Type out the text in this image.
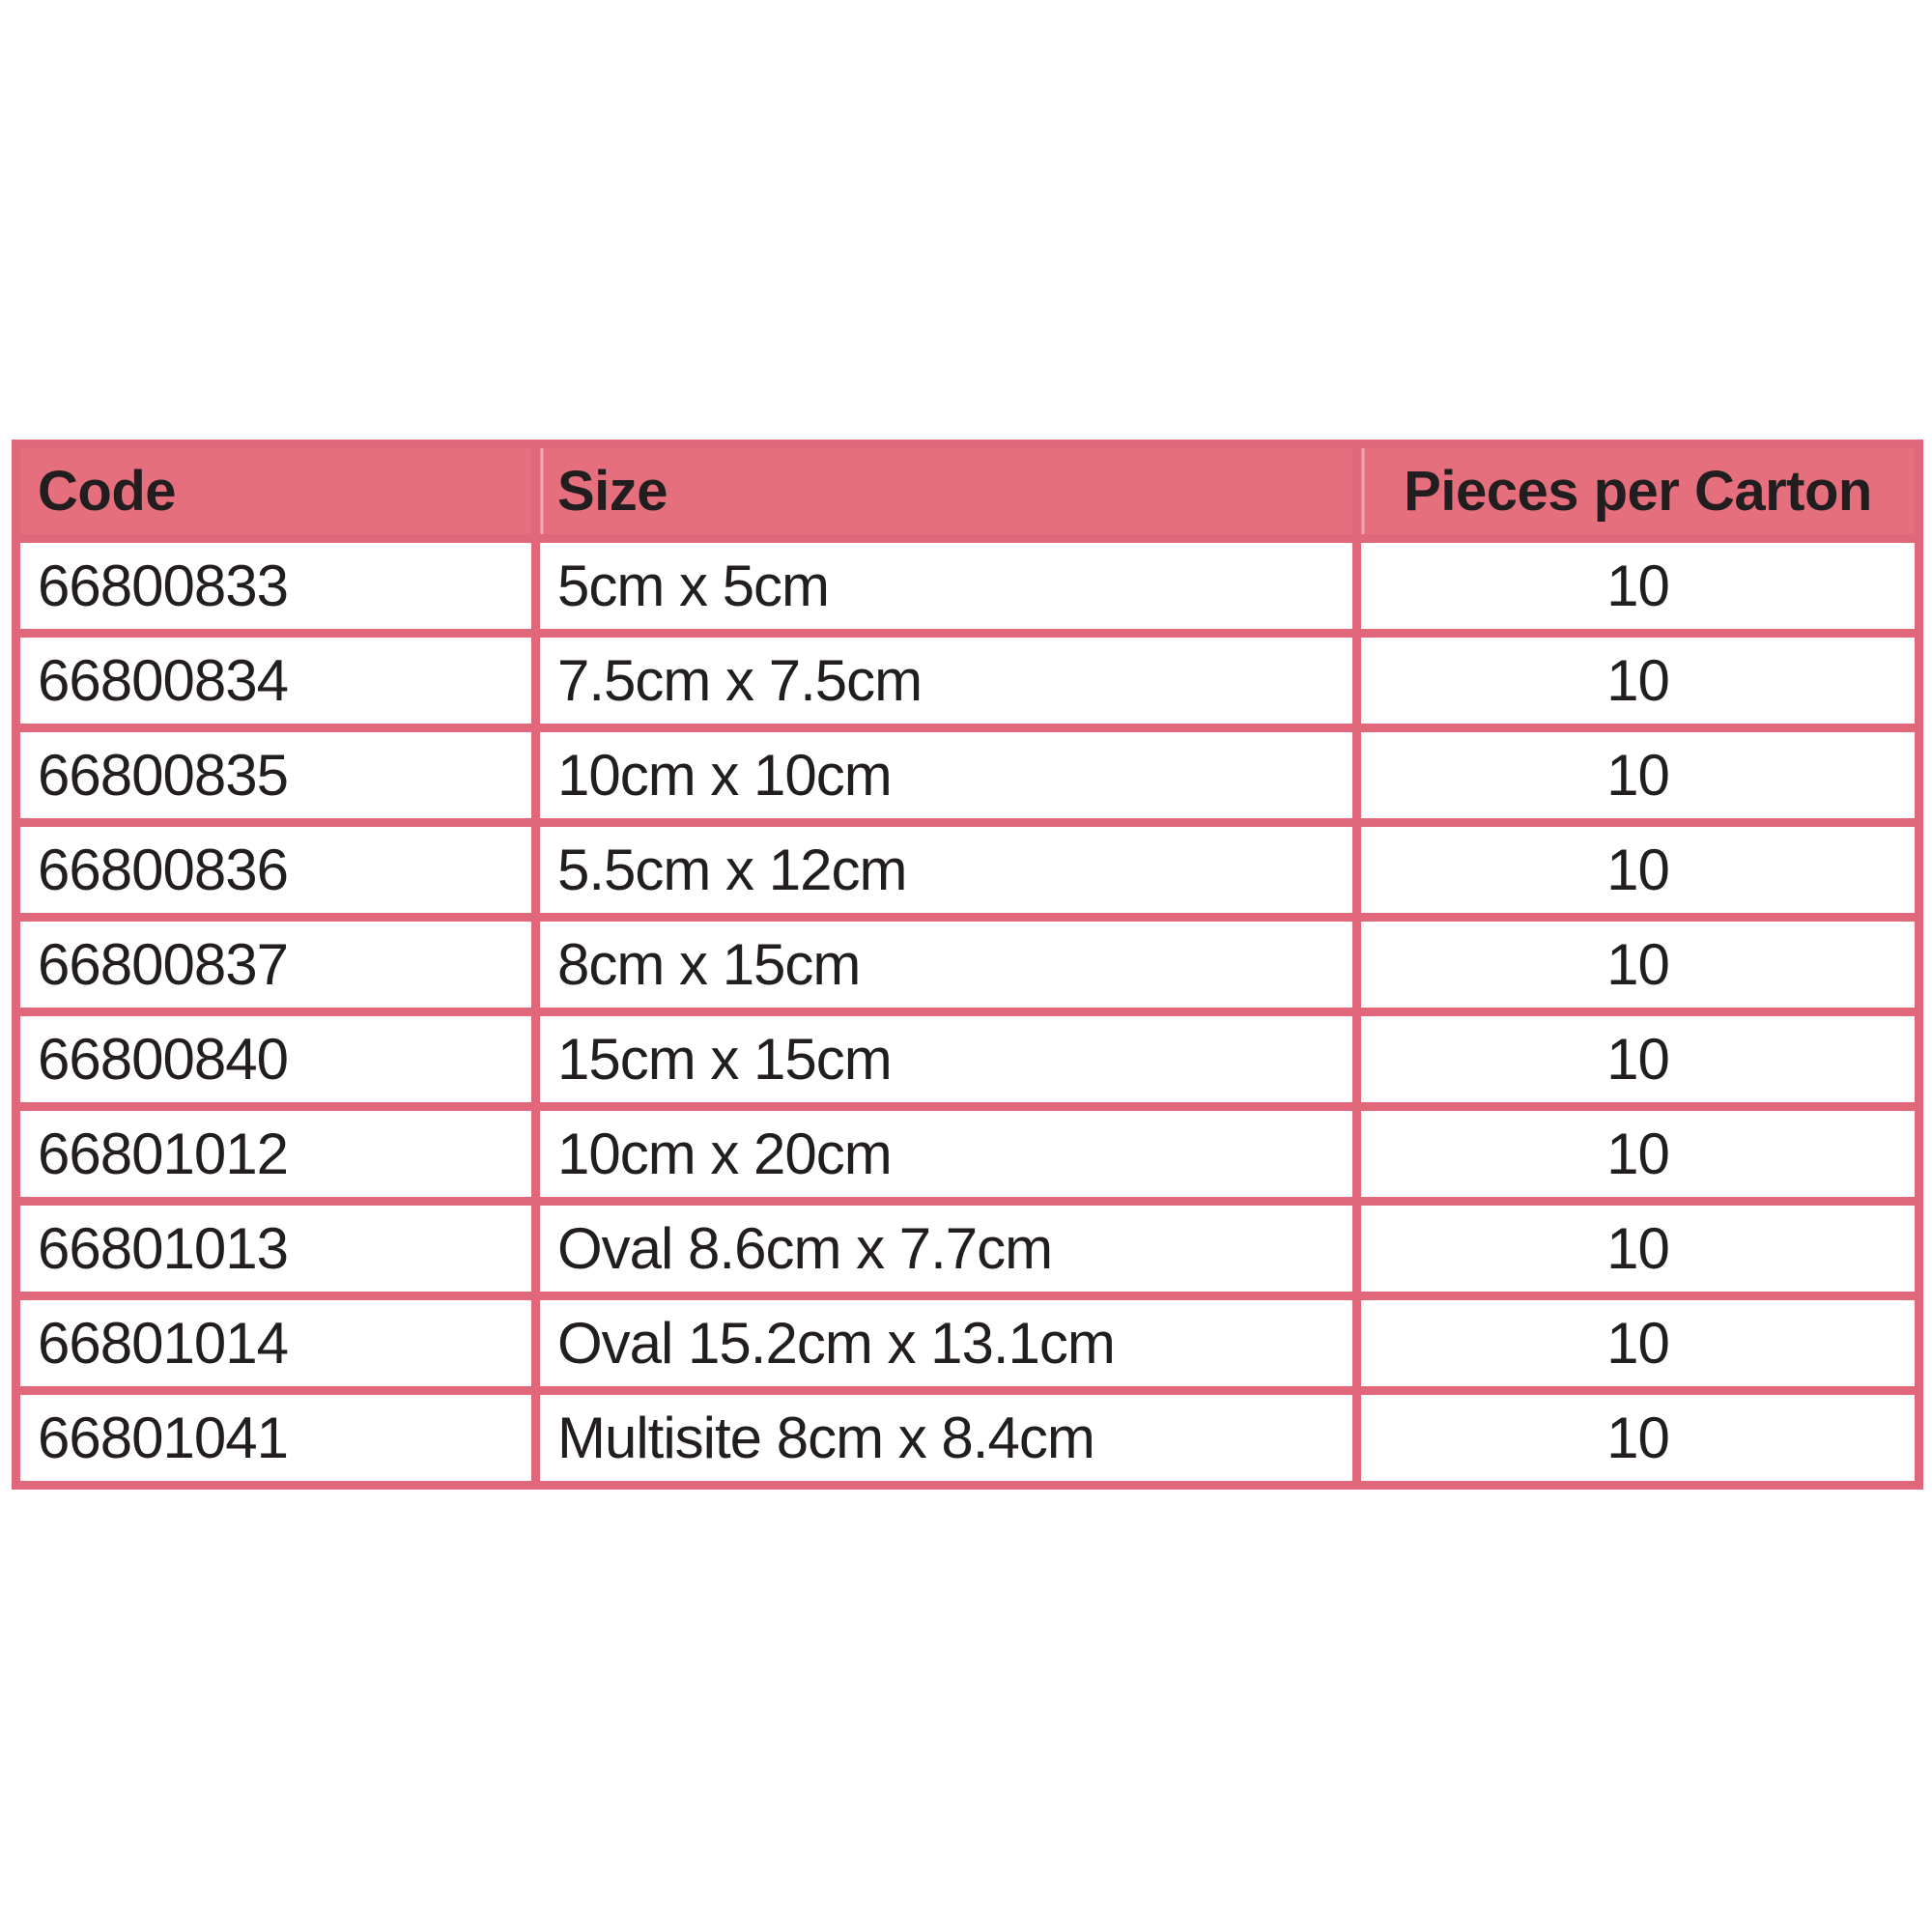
Code	Size	Pieces per Carton
66800833	5cm x 5cm	10
66800834	7.5cm x 7.5cm	10
66800835	10cm x 10cm	10
66800836	5.5cm x 12cm	10
66800837	8cm x 15cm	10
66800840	15cm x 15cm	10
66801012	10cm x 20cm	10
66801013	Oval 8.6cm x 7.7cm	10
66801014	Oval 15.2cm x 13.1cm	10
66801041	Multisite 8cm x 8.4cm	10
